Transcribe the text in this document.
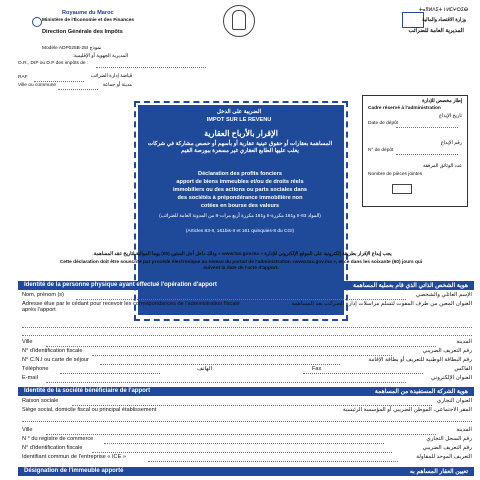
Royaume du Maroc
Ministère de l'Économie et des Finances
Direction Générale des Impôts
ⵜⴰⴳⵍⴷⵉⵜ ⵏ ⵍⵎⵖⵔⵉⴱ
وزارة الاقتصاد والمالية
المديرية العامة للضرائب
Modèle ADP025B-25I نموذج
المديرية الجهوية أو الإقليمية:
O.R., DIP ou D.P des impôts de :
RAF	قباضة إدارة الضرائب
Ville ou commune	مدينة أو جماعة
إطار مخصص للإدارة
Cadre réservé à l'administration
تاريخ الإيداع
Date de dépôt
رقم الإيداع
N° de dépôt
عدد الوثائق المرفقة
Nombre de pièces jointes
الضريبة على الدخل
IMPOT SUR LE REVENU
الإقرار بالأرباح العقارية
المساهمة بعقارات أو حقوق عينية عقارية أو بأسهم أو حصص مشاركة في شركات يغلب عليها الطابع العقاري غير مسعرة ببورصة القيم
Déclaration des profits fonciers
apport de biens immeubles et/ou de droits réels
immobiliers ou des actions ou parts sociales dans
des sociétés à prépondérance immobilière non
cotées en bourse des valeurs
(المواد 83-II و161 مكررة-II و161 مكررة أربع مرات-8 من المدونة العامة للضرائب)
(Articles 83-II, 161bis-II et 161 quinquies-8 du CGI)
يجب إيداع الإقرار بطريقة إلكترونية على الموقع الإلكتروني للإدارة « www.tax.gov.ma » وذلك داخل أجل الستين (60) يوما الموالية لتاريخ عقد المساهمة.
Cette déclaration doit être souscrite par procédé électronique au niveau du portail de l'administration «www.tax.gov.ma », et ce dans les soixante (60) jours qui suivent la date de l'acte d'apport.
Identité de la personne physique ayant effectué l'opération d'apport	هوية الشخص الذاتي الذي قام بعملية المساهمة
Nom, prénom (s)	الإسم العائلي والشخصي
Adresse élue par le cédant pour recevoir les correspondances de l'administration fiscale après l'apport
العنوان المعين من طرف المفوت لتسلم مراسلات إدارة الضرائب بعد المساهمة
Ville	المدينة
N° d'identification fiscale	رقم التعريف الضريبي
N° C.N.I ou carte de séjour	رقم البطاقة الوطنية للتعريف أو بطاقة الإقامة
Téléphone	الهاتف	Fax	الفاكس
E-mail	العنوان الإلكتروني
Identité de la société bénéficiaire de l'apport	هوية الشركة المستفيدة من المساهمة
Raison sociale	العنوان التجاري
Siège social, domicile fiscal ou principal établissement	المقر الاجتماعي، الموطن الضريبي أو المؤسسة الرئيسية
Ville	المدينة
N ° du registre de commerce	رقم السجل التجاري
N° d'identification fiscale	رقم التعريف الضريبي
Identifiant commun de l'entreprise « ICE »	التعريف الموحد للمقاولة
Désignation de l'immeuble apporté	تعيين العقار المساهم به
